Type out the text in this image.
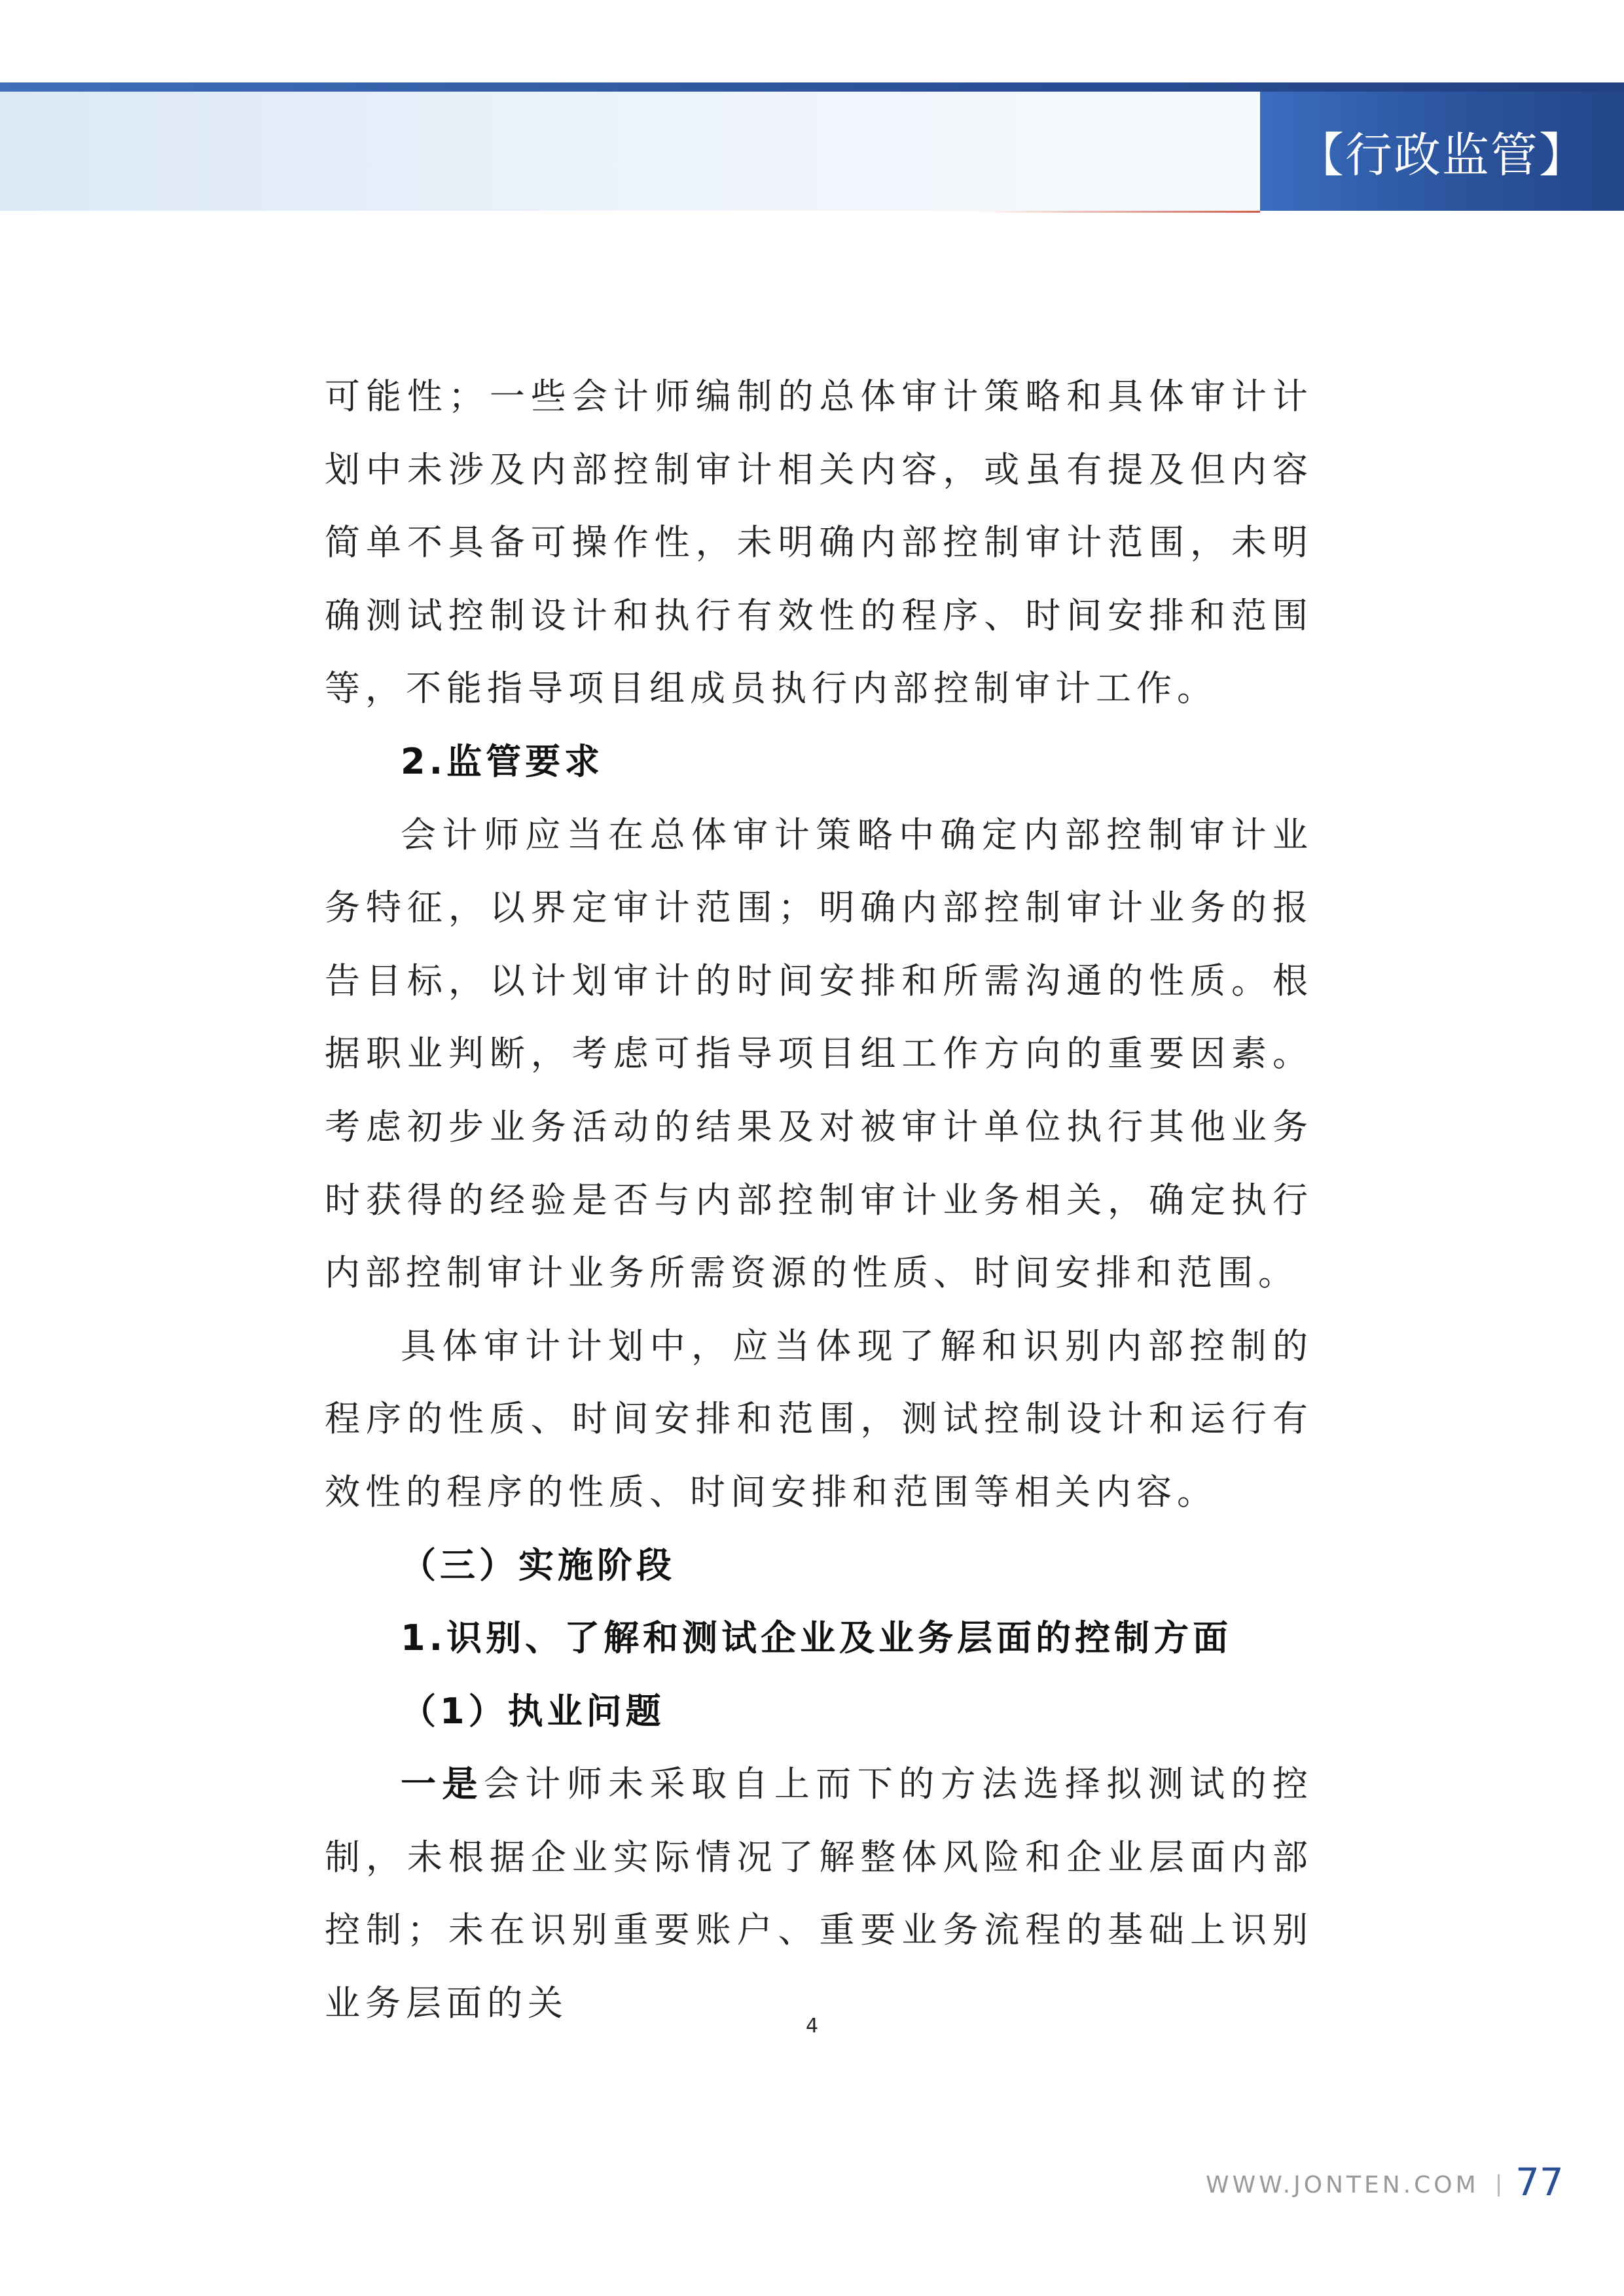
【行政监管】

可能性；一些会计师编制的总体审计策略和具体审计计划中未涉及内部控制审计相关内容，或虽有提及但内容简单不具备可操作性，未明确内部控制审计范围，未明确测试控制设计和执行有效性的程序、时间安排和范围等，不能指导项目组成员执行内部控制审计工作。

2.监管要求

会计师应当在总体审计策略中确定内部控制审计业务特征，以界定审计范围；明确内部控制审计业务的报告目标，以计划审计的时间安排和所需沟通的性质。根据职业判断，考虑可指导项目组工作方向的重要因素。考虑初步业务活动的结果及对被审计单位执行其他业务时获得的经验是否与内部控制审计业务相关，确定执行内部控制审计业务所需资源的性质、时间安排和范围。

具体审计计划中，应当体现了解和识别内部控制的程序的性质、时间安排和范围，测试控制设计和运行有效性的程序的性质、时间安排和范围等相关内容。

（三）实施阶段

1.识别、了解和测试企业及业务层面的控制方面

（1）执业问题

一是会计师未采取自上而下的方法选择拟测试的控制，未根据企业实际情况了解整体风险和企业层面内部控制；未在识别重要账户、重要业务流程的基础上识别业务层面的关

4
WWW.JONTEN.COM 77
